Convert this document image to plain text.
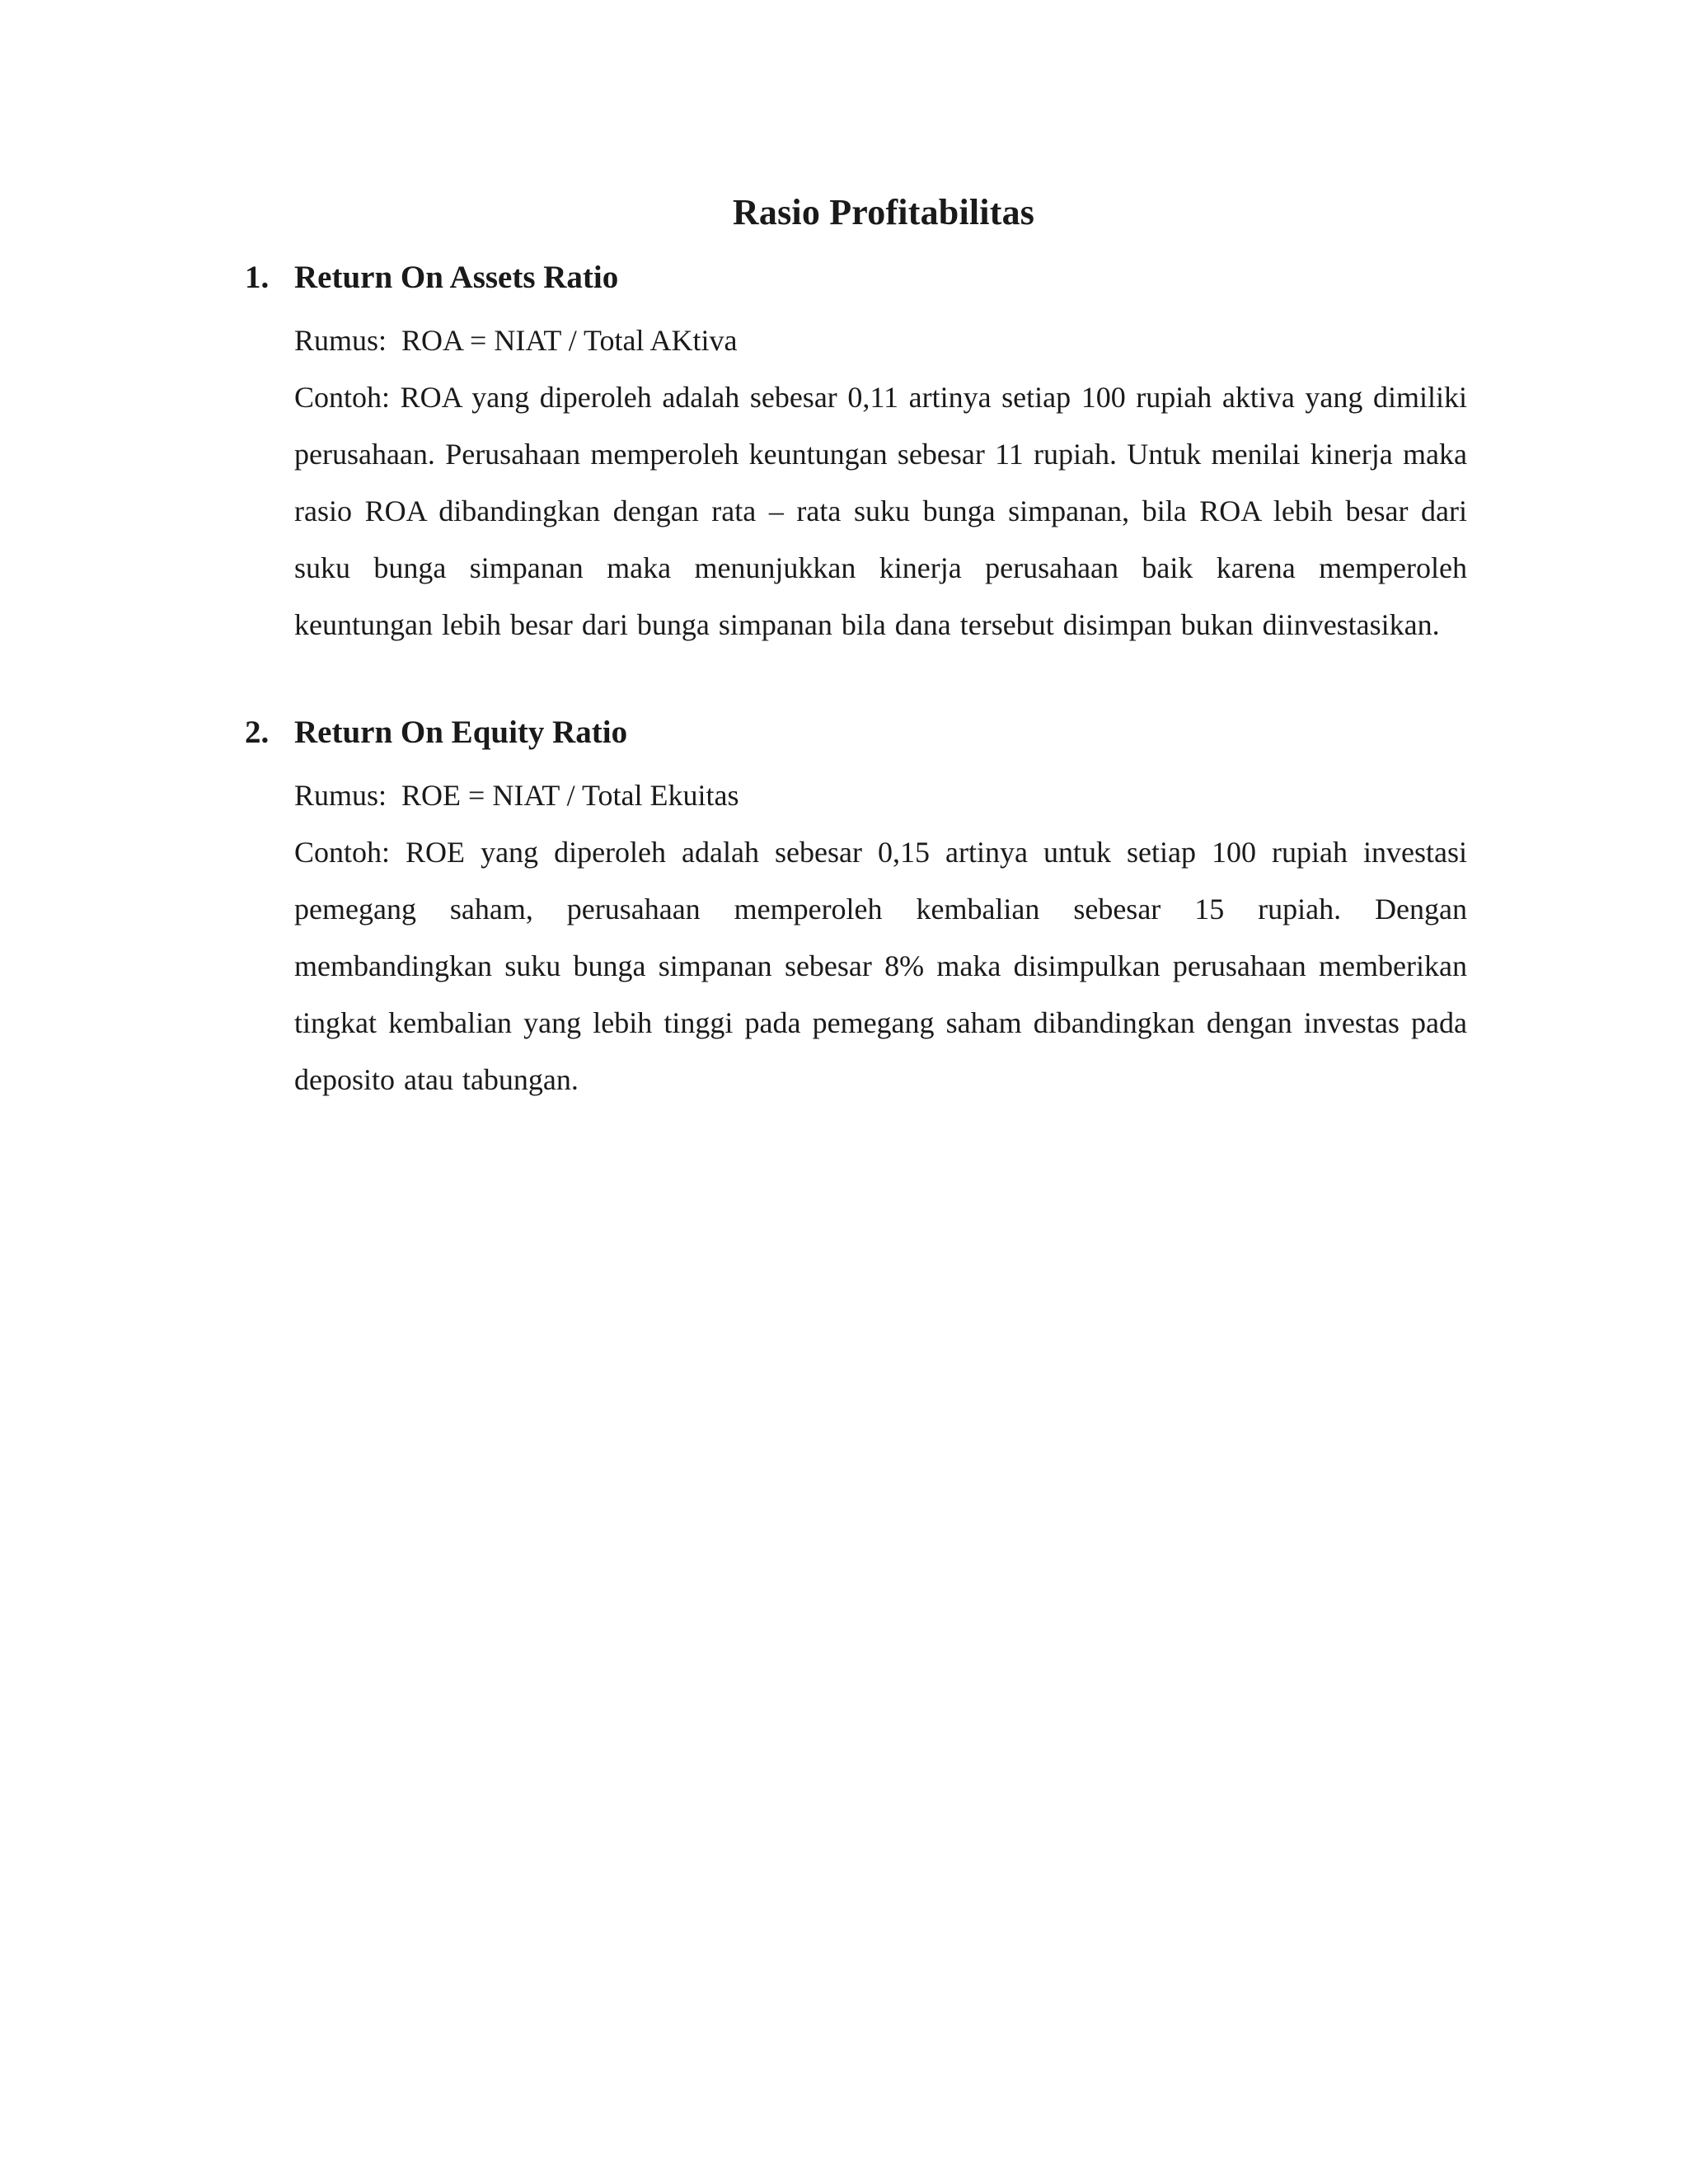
Rasio Profitabilitas
1. Return On Assets Ratio
Rumus: ROA = NIAT / Total AKtiva
Contoh: ROA yang diperoleh adalah sebesar 0,11 artinya setiap 100 rupiah aktiva yang dimiliki perusahaan. Perusahaan memperoleh keuntungan sebesar 11 rupiah. Untuk menilai kinerja maka rasio ROA dibandingkan dengan rata – rata suku bunga simpanan, bila ROA lebih besar dari suku bunga simpanan maka menunjukkan kinerja perusahaan baik karena memperoleh keuntungan lebih besar dari bunga simpanan bila dana tersebut disimpan bukan diinvestasikan.
2. Return On Equity Ratio
Rumus: ROE = NIAT / Total Ekuitas
Contoh: ROE yang diperoleh adalah sebesar 0,15 artinya untuk setiap 100 rupiah investasi pemegang saham, perusahaan memperoleh kembalian sebesar 15 rupiah. Dengan membandingkan suku bunga simpanan sebesar 8% maka disimpulkan perusahaan memberikan tingkat kembalian yang lebih tinggi pada pemegang saham dibandingkan dengan investas pada deposito atau tabungan.
